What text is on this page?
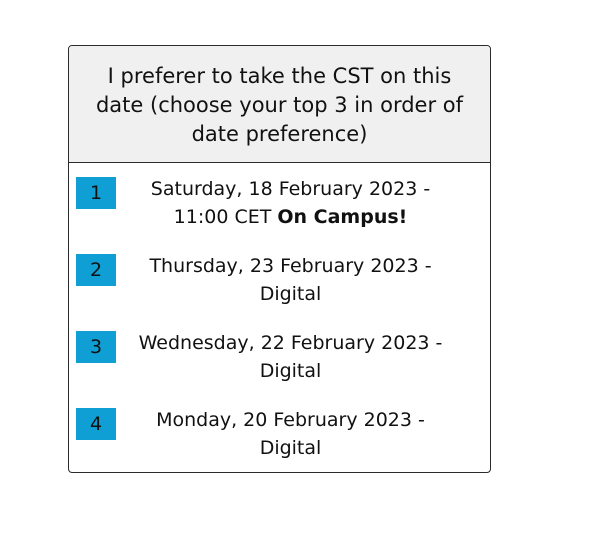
I preferer to take the CST on this date (choose your top 3 in order of date preference)
1	Saturday, 18 February 2023 -
11:00 CET On Campus!
2	Thursday, 23 February 2023 -
Digital
3	Wednesday, 22 February 2023 -
Digital
4	Monday, 20 February 2023 -
Digital
